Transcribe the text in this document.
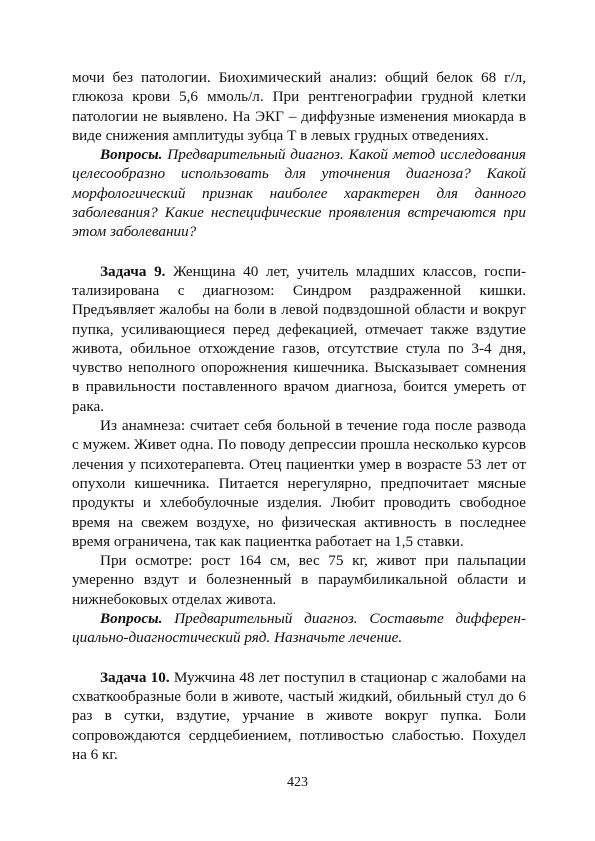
мочи без патологии. Биохимический анализ: общий белок 68 г/л, глюкоза крови 5,6 ммоль/л. При рентгенографии грудной клетки патологии не выявлено. На ЭКГ – диффузные изменения миокарда в виде снижения амплитуды зубца Т в левых грудных отведениях.

Вопросы. Предварительный диагноз. Какой метод исследования целесообразно использовать для уточнения диагноза? Какой морфологический признак наиболее характерен для данного заболевания? Какие неспецифические проявления встречаются при этом заболевании?

Задача 9. Женщина 40 лет, учитель младших классов, госпитализирована с диагнозом: Синдром раздраженной кишки. Предъявляет жалобы на боли в левой подвздошной области и вокруг пупка, усиливающиеся перед дефекацией, отмечает также вздутие живота, обильное отхождение газов, отсутствие стула по 3-4 дня, чувство неполного опорожнения кишечника. Высказывает сомнения в правильности поставленного врачом диагноза, боится умереть от рака.

Из анамнеза: считает себя больной в течение года после развода с мужем. Живет одна. По поводу депрессии прошла несколько курсов лечения у психотерапевта. Отец пациентки умер в возрасте 53 лет от опухоли кишечника. Питается нерегулярно, предпочитает мясные продукты и хлебобулочные изделия. Любит проводить свободное время на свежем воздухе, но физическая активность в последнее время ограничена, так как пациентка работает на 1,5 ставки.

При осмотре: рост 164 см, вес 75 кг, живот при пальпации умеренно вздут и болезненный в параумбиликальной области и нижнебоковых отделах живота.

Вопросы. Предварительный диагноз. Составьте дифференциально-диагностический ряд. Назначьте лечение.

Задача 10. Мужчина 48 лет поступил в стационар с жалобами на схваткообразные боли в животе, частый жидкий, обильный стул до 6 раз в сутки, вздутие, урчание в животе вокруг пупка. Боли сопровождаются сердцебиением, потливостью слабостью. Похудел на 6 кг.

423
